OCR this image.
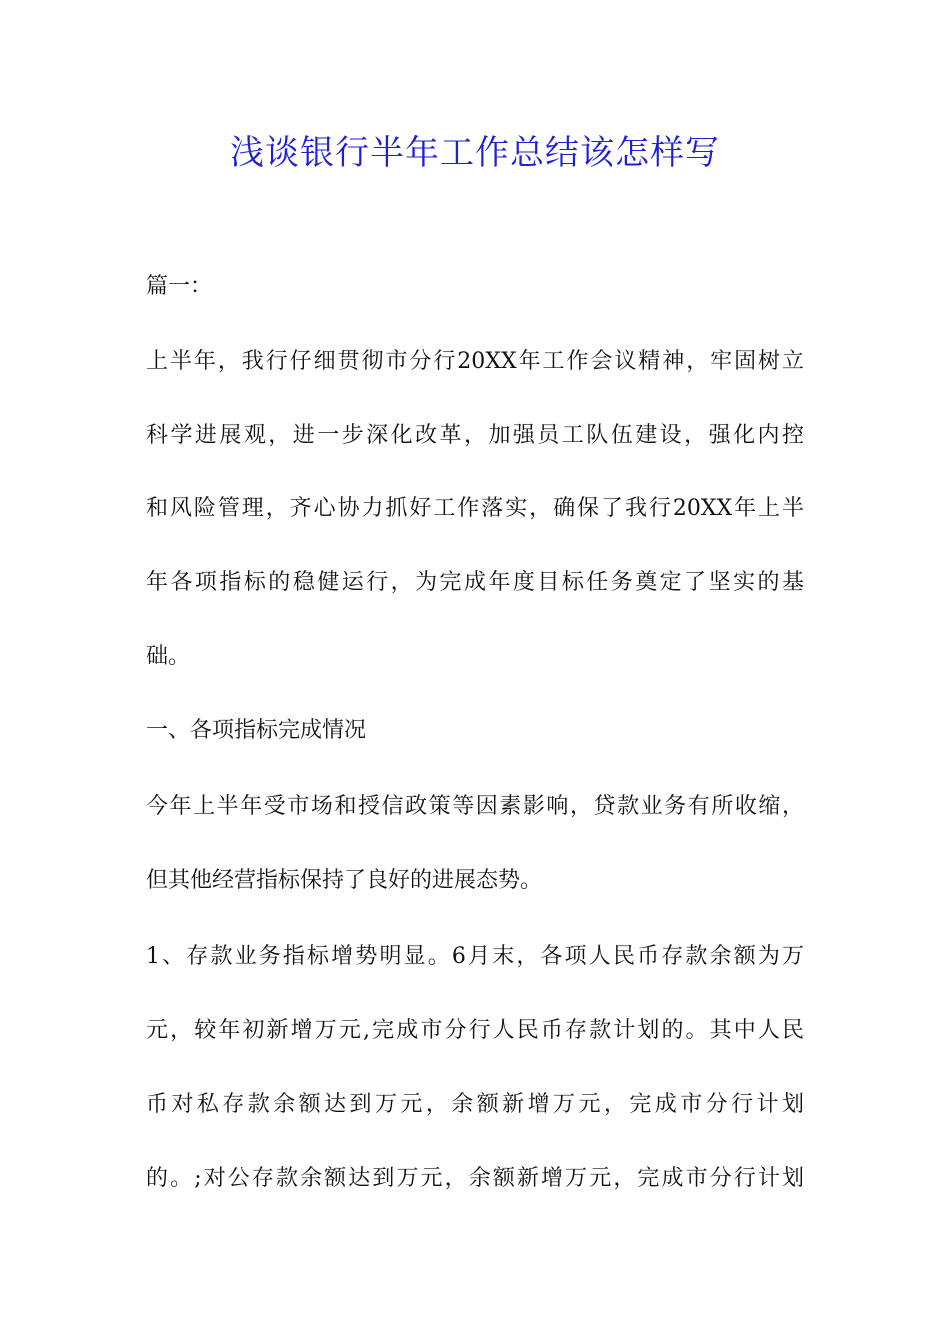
浅谈银行半年工作总结该怎样写

篇一：

上半年，我行仔细贯彻市分行20XX年工作会议精神，牢固树立

科学进展观，进一步深化改革，加强员工队伍建设，强化内控

和风险管理，齐心协力抓好工作落实，确保了我行20XX年上半

年各项指标的稳健运行，为完成年度目标任务奠定了坚实的基

础。

一、各项指标完成情况

今年上半年受市场和授信政策等因素影响，贷款业务有所收缩，

但其他经营指标保持了良好的进展态势。

1、存款业务指标增势明显。6月末，各项人民币存款余额为万

元，较年初新增万元,完成市分行人民币存款计划的。其中人民

币对私存款余额达到万元，余额新增万元，完成市分行计划

的。;对公存款余额达到万元，余额新增万元，完成市分行计划
